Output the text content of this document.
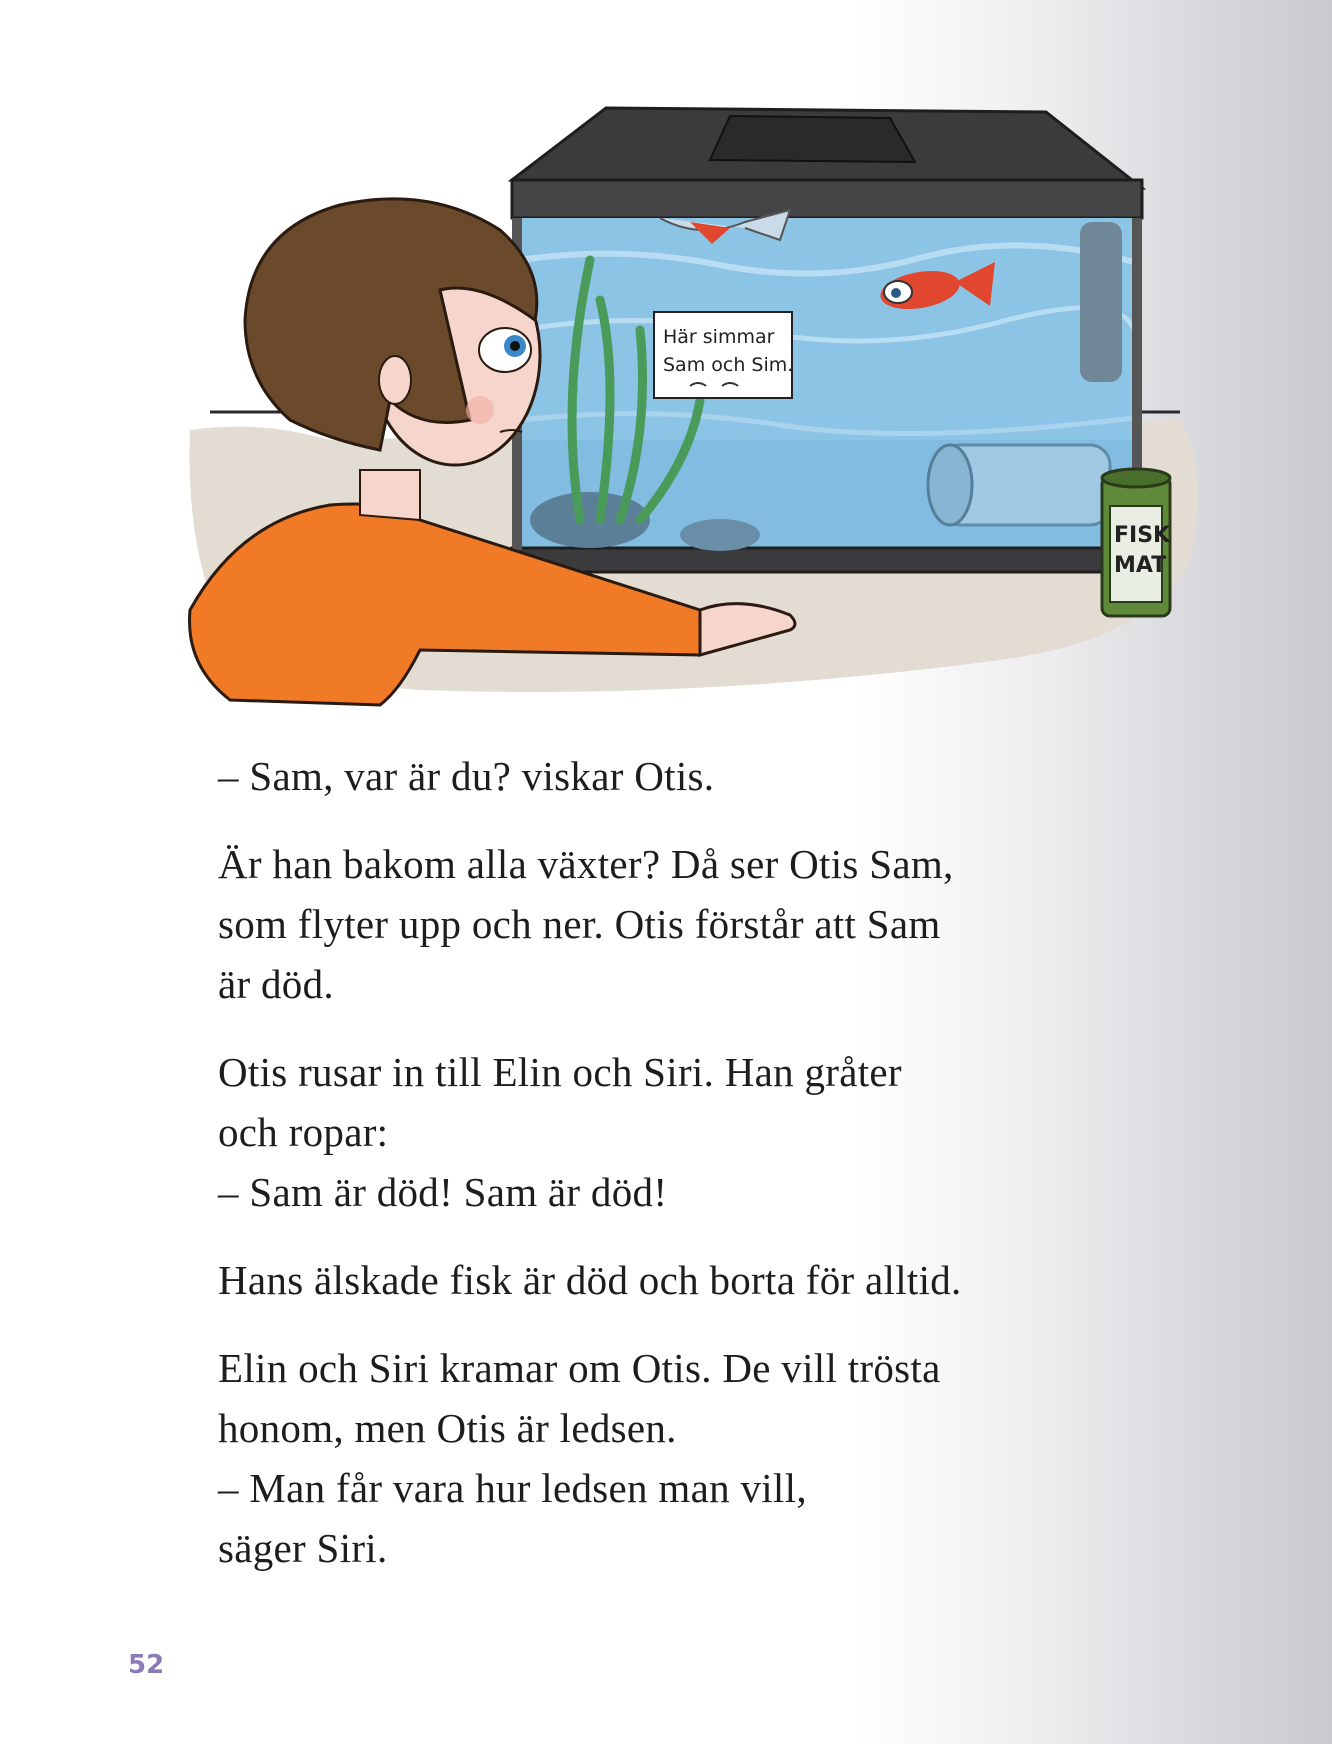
Här simmar
Sam och Sim.
FISK
MAT

– Sam, var är du? viskar Otis.

Är han bakom alla växter? Då ser Otis Sam,
som flyter upp och ner. Otis förstår att Sam
är död.

Otis rusar in till Elin och Siri. Han gråter
och ropar:
– Sam är död! Sam är död!

Hans älskade fisk är död och borta för alltid.

Elin och Siri kramar om Otis. De vill trösta
honom, men Otis är ledsen.
– Man får vara hur ledsen man vill,
säger Siri.

52
